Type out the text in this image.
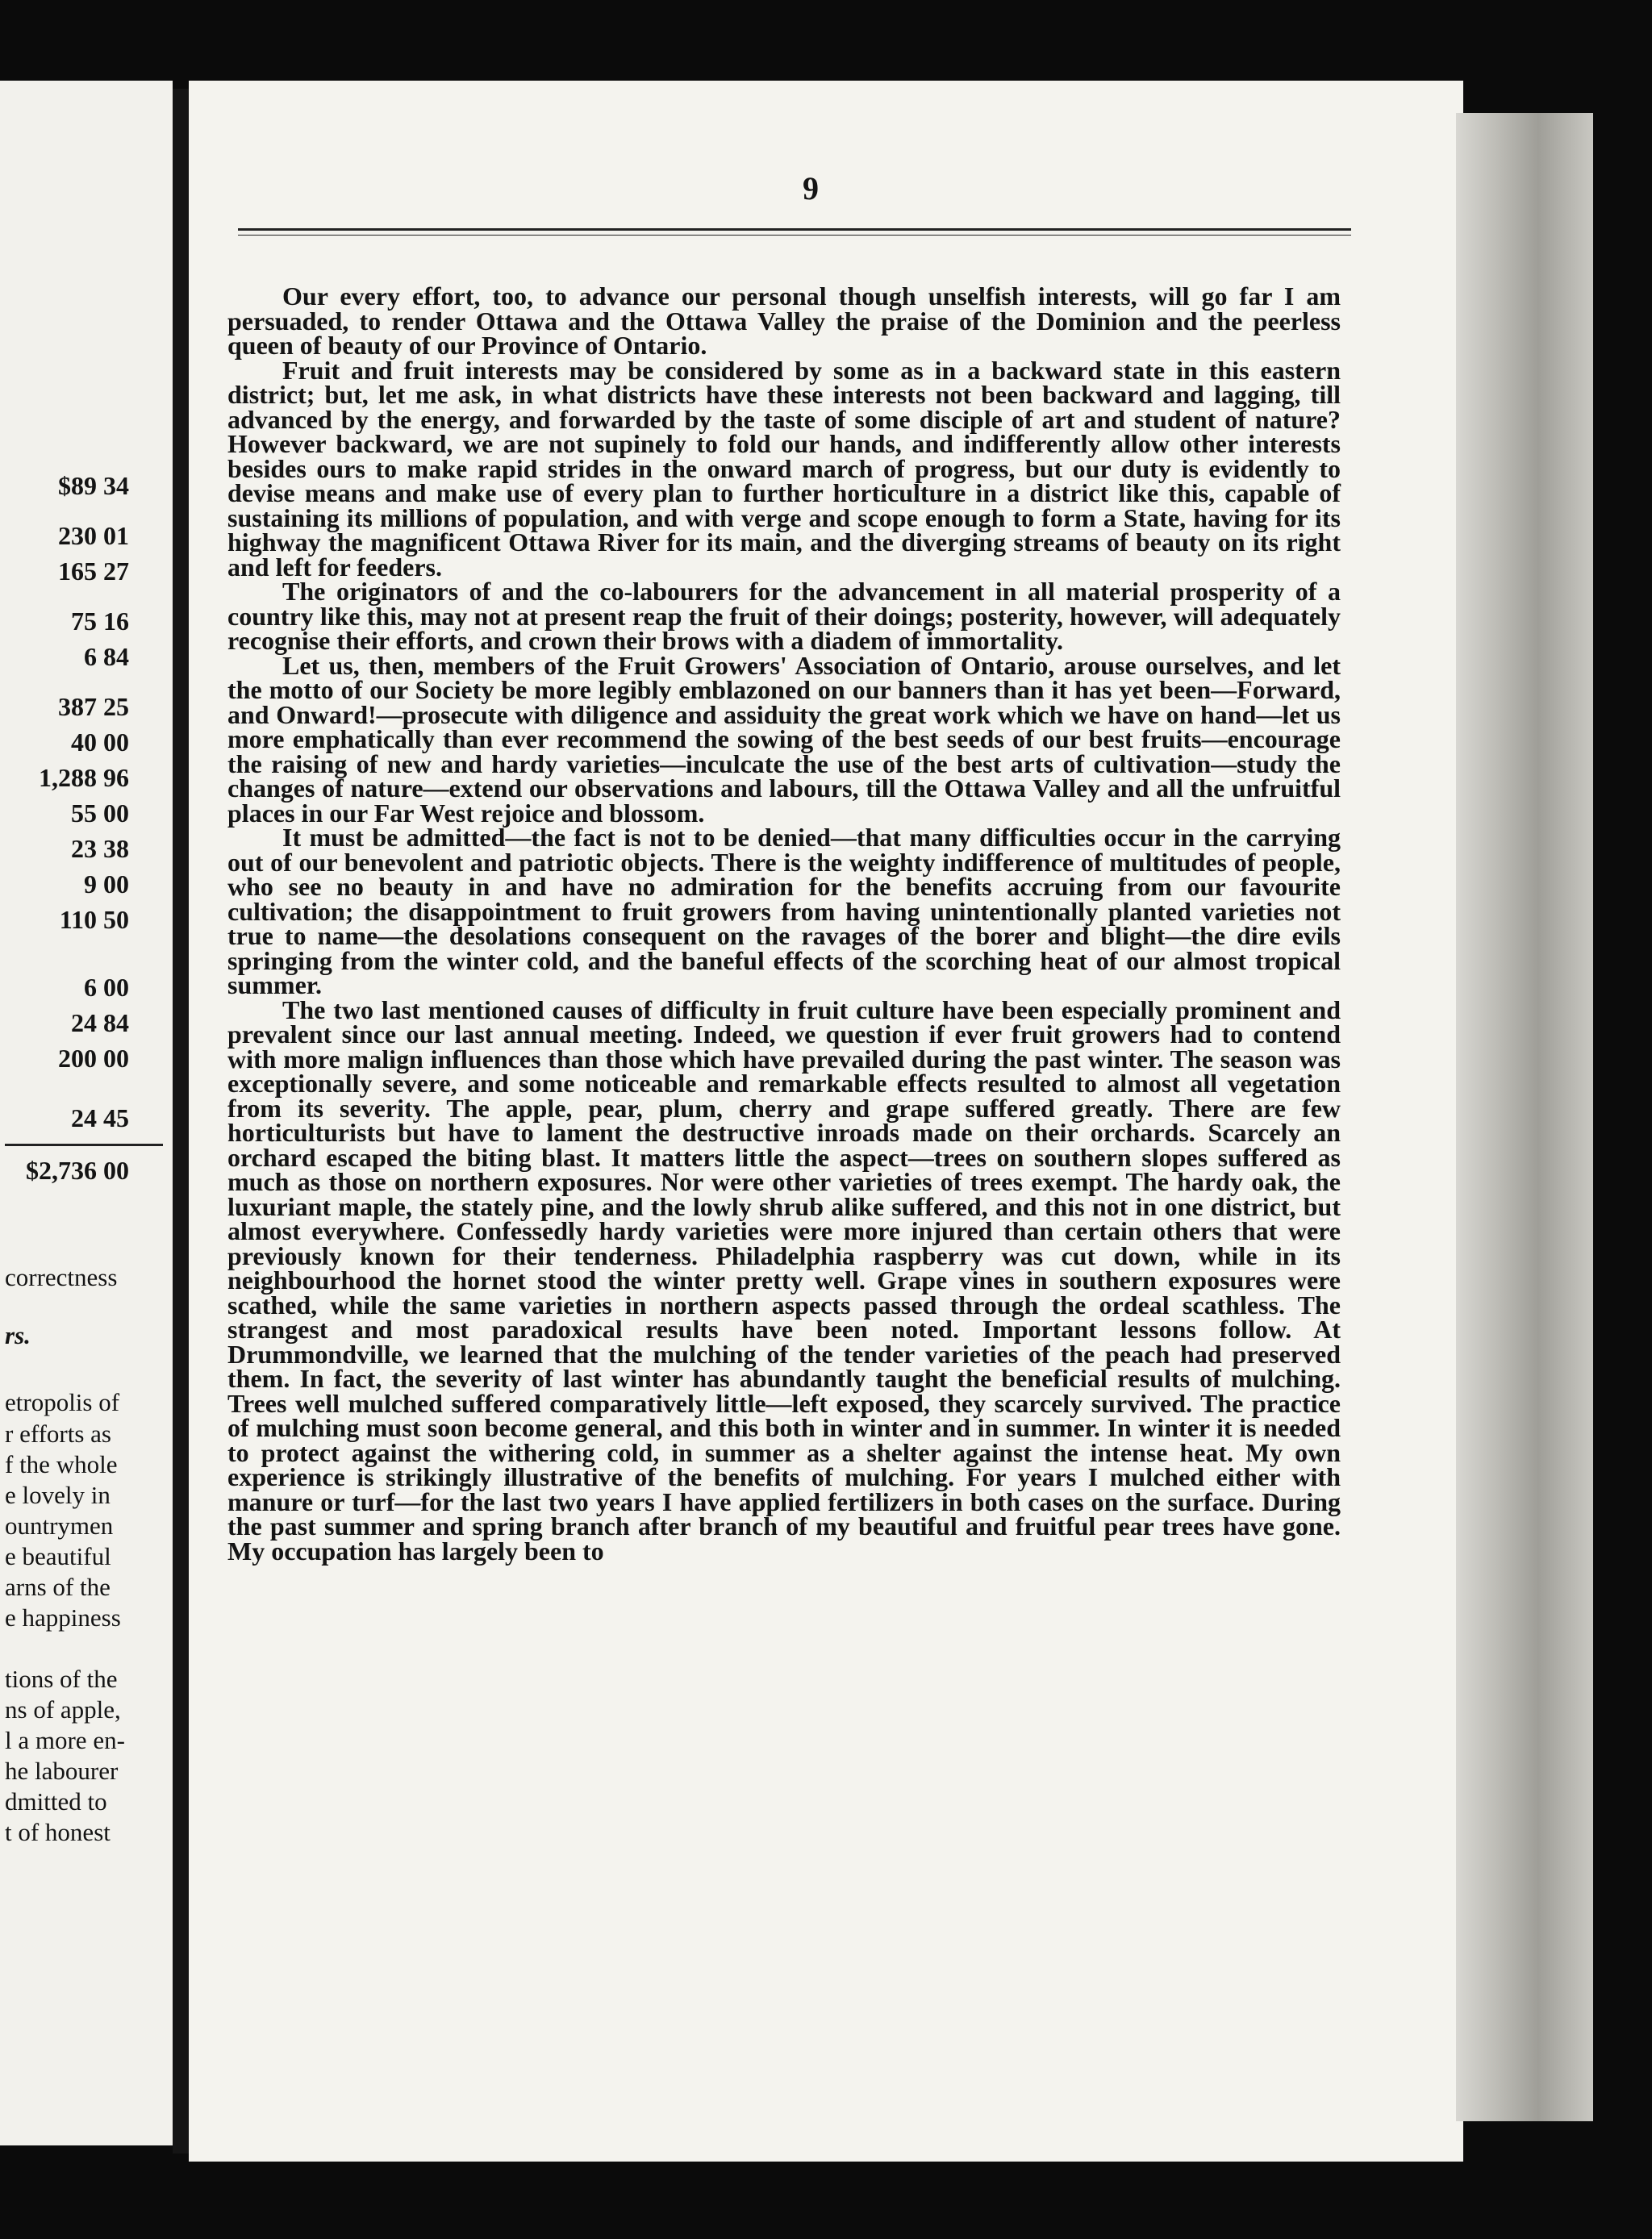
$89 34
230 01
165 27
75 16
6 84
387 25
40 00
1,288 96
55 00
23 38
9 00
110 50
6 00
24 84
200 00
24 45
$2,736 00
correctness
rs.
etropolis of
r efforts as
f the whole
e lovely in
ountrymen
e beautiful
arns of the
e happiness
tions of the
ns of apple,
l a more en-
he labourer
dmitted to
t of honest
9

Our every effort, too, to advance our personal though unselfish interests, will go far I am persuaded, to render Ottawa and the Ottawa Valley the praise of the Dominion and the peerless queen of beauty of our Province of Ontario.

Fruit and fruit interests may be considered by some as in a backward state in this eastern district; but, let me ask, in what districts have these interests not been backward and lagging, till advanced by the energy, and forwarded by the taste of some disciple of art and student of nature? However backward, we are not supinely to fold our hands, and indifferently allow other interests besides ours to make rapid strides in the onward march of progress, but our duty is evidently to devise means and make use of every plan to further horticulture in a district like this, capable of sustaining its millions of population, and with verge and scope enough to form a State, having for its highway the magnificent Ottawa River for its main, and the diverging streams of beauty on its right and left for feeders.

The originators of and the co-labourers for the advancement in all material prosperity of a country like this, may not at present reap the fruit of their doings; posterity, however, will adequately recognise their efforts, and crown their brows with a diadem of immortality.

Let us, then, members of the Fruit Growers' Association of Ontario, arouse ourselves, and let the motto of our Society be more legibly emblazoned on our banners than it has yet been—Forward, and Onward!—prosecute with diligence and assiduity the great work which we have on hand—let us more emphatically than ever recommend the sowing of the best seeds of our best fruits—encourage the raising of new and hardy varieties—inculcate the use of the best arts of cultivation—study the changes of nature—extend our observations and labours, till the Ottawa Valley and all the unfruitful places in our Far West rejoice and blossom.

It must be admitted—the fact is not to be denied—that many difficulties occur in the carrying out of our benevolent and patriotic objects. There is the weighty indifference of multitudes of people, who see no beauty in and have no admiration for the benefits accruing from our favourite cultivation; the disappointment to fruit growers from having unintentionally planted varieties not true to name—the desolations consequent on the ravages of the borer and blight—the dire evils springing from the winter cold, and the baneful effects of the scorching heat of our almost tropical summer.

The two last mentioned causes of difficulty in fruit culture have been especially prominent and prevalent since our last annual meeting. Indeed, we question if ever fruit growers had to contend with more malign influences than those which have prevailed during the past winter. The season was exceptionally severe, and some noticeable and remarkable effects resulted to almost all vegetation from its severity. The apple, pear, plum, cherry and grape suffered greatly. There are few horticulturists but have to lament the destructive inroads made on their orchards. Scarcely an orchard escaped the biting blast. It matters little the aspect—trees on southern slopes suffered as much as those on northern exposures. Nor were other varieties of trees exempt. The hardy oak, the luxuriant maple, the stately pine, and the lowly shrub alike suffered, and this not in one district, but almost everywhere. Confessedly hardy varieties were more injured than certain others that were previously known for their tenderness. Philadelphia raspberry was cut down, while in its neighbourhood the hornet stood the winter pretty well. Grape vines in southern exposures were scathed, while the same varieties in northern aspects passed through the ordeal scathless. The strangest and most paradoxical results have been noted. Important lessons follow. At Drummondville, we learned that the mulching of the tender varieties of the peach had preserved them. In fact, the severity of last winter has abundantly taught the beneficial results of mulching. Trees well mulched suffered comparatively little—left exposed, they scarcely survived. The practice of mulching must soon become general, and this both in winter and in summer. In winter it is needed to protect against the withering cold, in summer as a shelter against the intense heat. My own experience is strikingly illustrative of the benefits of mulching. For years I mulched either with manure or turf—for the last two years I have applied fertilizers in both cases on the surface. During the past summer and spring branch after branch of my beautiful and fruitful pear trees have gone. My occupation has largely been to
